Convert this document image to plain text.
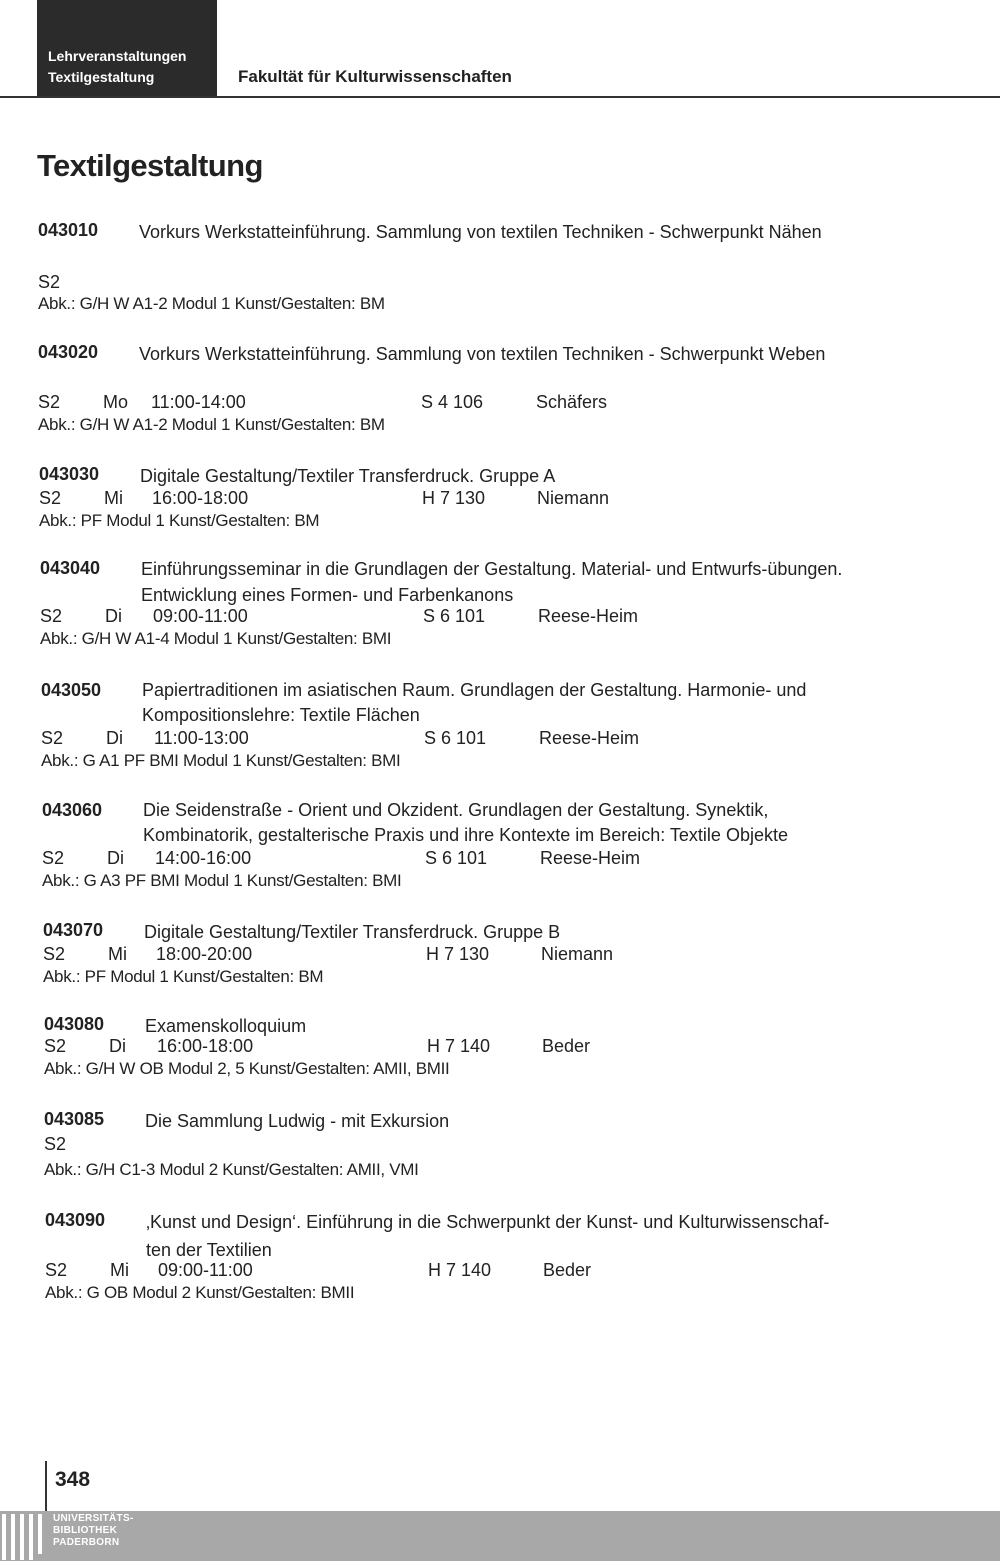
Lehrveranstaltungen
Textilgestaltung	Fakultät für Kulturwissenschaften
Textilgestaltung
043010 Vorkurs Werkstatteinführung. Sammlung von textilen Techniken - Schwerpunkt Nähen
S2
Abk.: G/H W A1-2 Modul 1 Kunst/Gestalten: BM
043020 Vorkurs Werkstatteinführung. Sammlung von textilen Techniken - Schwerpunkt Weben
S2 Mo 11:00-14:00	S 4 106	Schäfers
Abk.: G/H W A1-2 Modul 1 Kunst/Gestalten: BM
043030 Digitale Gestaltung/Textiler Transferdruck. Gruppe A
S2 Mi 16:00-18:00	H 7 130	Niemann
Abk.: PF Modul 1 Kunst/Gestalten: BM
043040 Einführungsseminar in die Grundlagen der Gestaltung. Material- und Entwurfs-übungen. Entwicklung eines Formen- und Farbenkanons
S2 Di 09:00-11:00	S 6 101	Reese-Heim
Abk.: G/H W A1-4 Modul 1 Kunst/Gestalten: BMI
043050 Papiertraditionen im asiatischen Raum. Grundlagen der Gestaltung. Harmonie- und Kompositionslehre: Textile Flächen
S2 Di 11:00-13:00	S 6 101	Reese-Heim
Abk.: G A1 PF BMI Modul 1 Kunst/Gestalten: BMI
043060 Die Seidenstraße - Orient und Okzident. Grundlagen der Gestaltung. Synektik, Kombinatorik, gestalterische Praxis und ihre Kontexte im Bereich: Textile Objekte
S2 Di 14:00-16:00	S 6 101	Reese-Heim
Abk.: G A3 PF BMI Modul 1 Kunst/Gestalten: BMI
043070 Digitale Gestaltung/Textiler Transferdruck. Gruppe B
S2 Mi 18:00-20:00	H 7 130	Niemann
Abk.: PF Modul 1 Kunst/Gestalten: BM
043080 Examenskolloquium
S2 Di 16:00-18:00	H 7 140	Beder
Abk.: G/H W OB Modul 2, 5 Kunst/Gestalten: AMII, BMII
043085 Die Sammlung Ludwig - mit Exkursion
S2
Abk.: G/H C1-3 Modul 2 Kunst/Gestalten: AMII, VMI
043090 ‚Kunst und Design‘. Einführung in die Schwerpunkt der Kunst- und Kulturwissenschaf-ten der Textilien
S2 Mi 09:00-11:00	H 7 140	Beder
Abk.: G OB Modul 2 Kunst/Gestalten: BMII
348
UNIVERSITÄTS-
BIBLIOTHEK
PADERBORN
